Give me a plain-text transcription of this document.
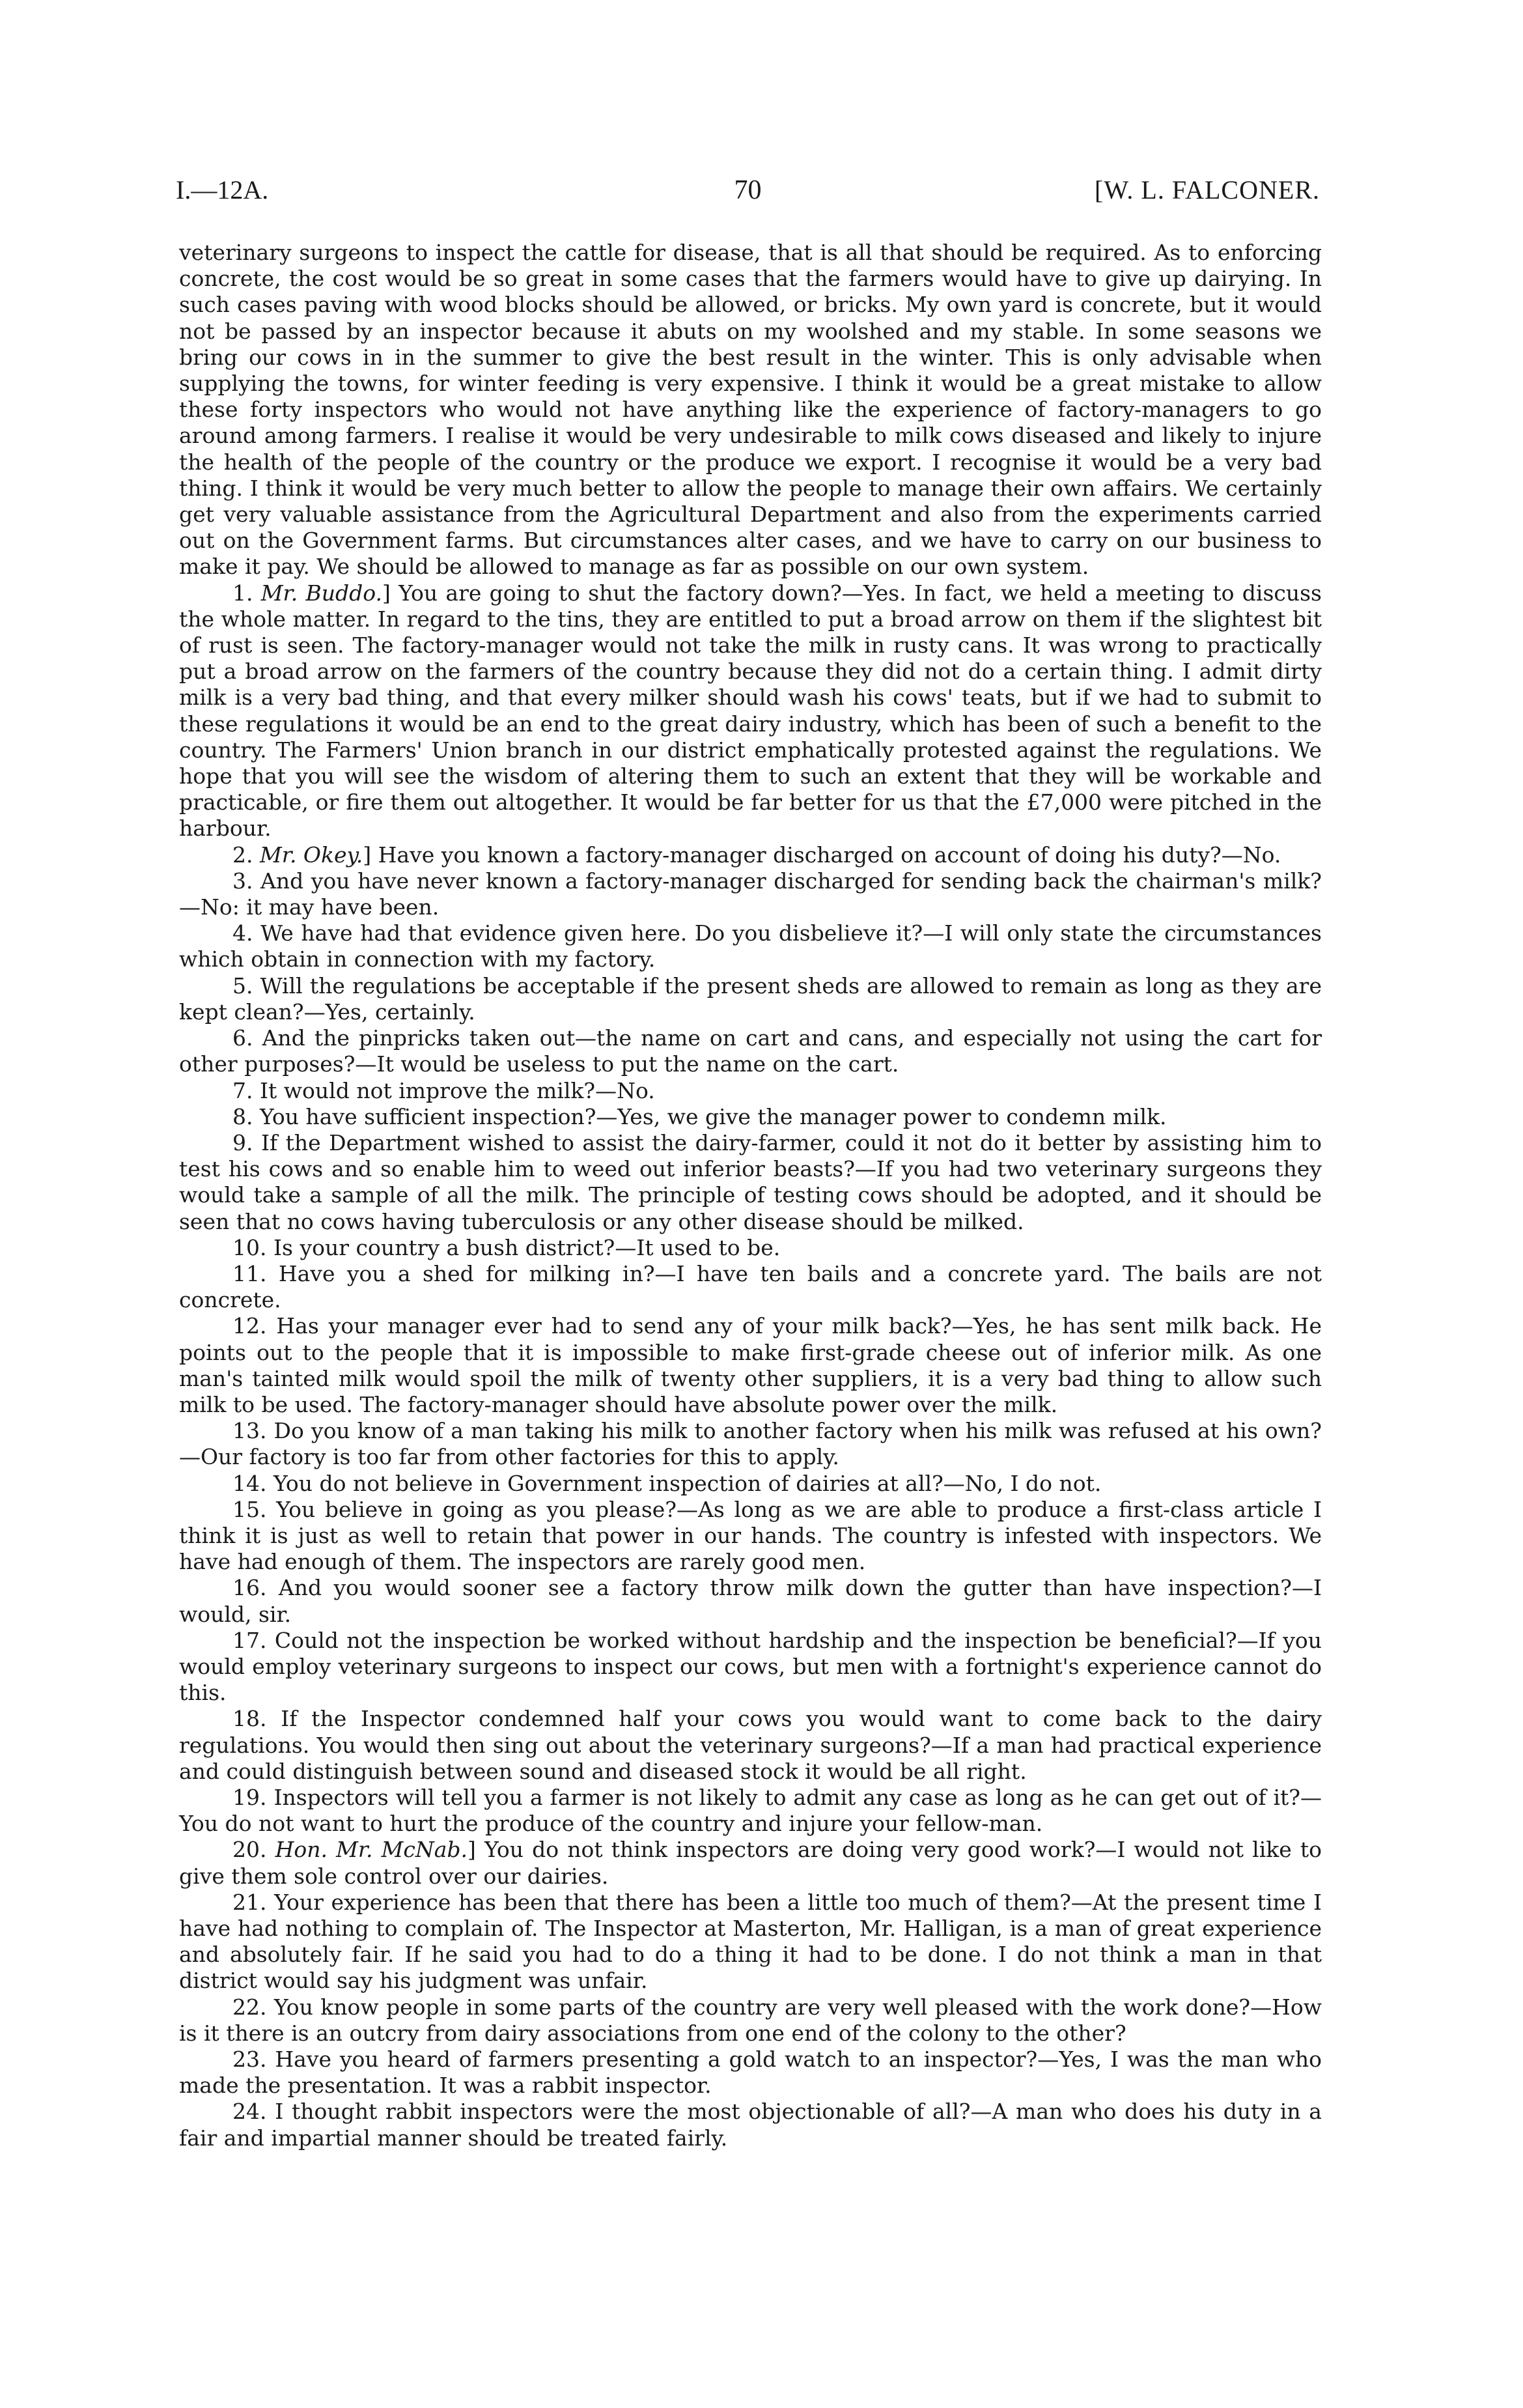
I.—12A.	70	[W. L. FALCONER.

veterinary surgeons to inspect the cattle for disease, that is all that should be required. As to enforcing concrete, the cost would be so great in some cases that the farmers would have to give up dairying. In such cases paving with wood blocks should be allowed, or bricks. My own yard is concrete, but it would not be passed by an inspector because it abuts on my woolshed and my stable. In some seasons we bring our cows in in the summer to give the best result in the winter. This is only advisable when supplying the towns, for winter feeding is very expensive. I think it would be a great mistake to allow these forty inspectors who would not have anything like the experience of factory-managers to go around among farmers. I realise it would be very undesirable to milk cows diseased and likely to injure the health of the people of the country or the produce we export. I recognise it would be a very bad thing. I think it would be very much better to allow the people to manage their own affairs. We certainly get very valuable assistance from the Agricultural Department and also from the experiments carried out on the Government farms. But circumstances alter cases, and we have to carry on our business to make it pay. We should be allowed to manage as far as possible on our own system.

1. Mr. Buddo.] You are going to shut the factory down?—Yes. In fact, we held a meeting to discuss the whole matter. In regard to the tins, they are entitled to put a broad arrow on them if the slightest bit of rust is seen. The factory-manager would not take the milk in rusty cans. It was wrong to practically put a broad arrow on the farmers of the country because they did not do a certain thing. I admit dirty milk is a very bad thing, and that every milker should wash his cows' teats, but if we had to submit to these regulations it would be an end to the great dairy industry, which has been of such a benefit to the country. The Farmers' Union branch in our district emphatically protested against the regulations. We hope that you will see the wisdom of altering them to such an extent that they will be workable and practicable, or fire them out altogether. It would be far better for us that the £7,000 were pitched in the harbour.

2. Mr. Okey.] Have you known a factory-manager discharged on account of doing his duty?—No.

3. And you have never known a factory-manager discharged for sending back the chairman's milk?—No: it may have been.

4. We have had that evidence given here. Do you disbelieve it?—I will only state the circumstances which obtain in connection with my factory.

5. Will the regulations be acceptable if the present sheds are allowed to remain as long as they are kept clean?—Yes, certainly.

6. And the pinpricks taken out—the name on cart and cans, and especially not using the cart for other purposes?—It would be useless to put the name on the cart.

7. It would not improve the milk?—No.

8. You have sufficient inspection?—Yes, we give the manager power to condemn milk.

9. If the Department wished to assist the dairy-farmer, could it not do it better by assisting him to test his cows and so enable him to weed out inferior beasts?—If you had two veterinary surgeons they would take a sample of all the milk. The principle of testing cows should be adopted, and it should be seen that no cows having tuberculosis or any other disease should be milked.

10. Is your country a bush district?—It used to be.

11. Have you a shed for milking in?—I have ten bails and a concrete yard. The bails are not concrete.

12. Has your manager ever had to send any of your milk back?—Yes, he has sent milk back. He points out to the people that it is impossible to make first-grade cheese out of inferior milk. As one man's tainted milk would spoil the milk of twenty other suppliers, it is a very bad thing to allow such milk to be used. The factory-manager should have absolute power over the milk.

13. Do you know of a man taking his milk to another factory when his milk was refused at his own?—Our factory is too far from other factories for this to apply.

14. You do not believe in Government inspection of dairies at all?—No, I do not.

15. You believe in going as you please?—As long as we are able to produce a first-class article I think it is just as well to retain that power in our hands. The country is infested with inspectors. We have had enough of them. The inspectors are rarely good men.

16. And you would sooner see a factory throw milk down the gutter than have inspection?—I would, sir.

17. Could not the inspection be worked without hardship and the inspection be beneficial?—If you would employ veterinary surgeons to inspect our cows, but men with a fortnight's experience cannot do this.

18. If the Inspector condemned half your cows you would want to come back to the dairy regulations. You would then sing out about the veterinary surgeons?—If a man had practical experience and could distinguish between sound and diseased stock it would be all right.

19. Inspectors will tell you a farmer is not likely to admit any case as long as he can get out of it?—You do not want to hurt the produce of the country and injure your fellow-man.

20. Hon. Mr. McNab.] You do not think inspectors are doing very good work?—I would not like to give them sole control over our dairies.

21. Your experience has been that there has been a little too much of them?—At the present time I have had nothing to complain of. The Inspector at Masterton, Mr. Halligan, is a man of great experience and absolutely fair. If he said you had to do a thing it had to be done. I do not think a man in that district would say his judgment was unfair.

22. You know people in some parts of the country are very well pleased with the work done?—How is it there is an outcry from dairy associations from one end of the colony to the other?

23. Have you heard of farmers presenting a gold watch to an inspector?—Yes, I was the man who made the presentation. It was a rabbit inspector.

24. I thought rabbit inspectors were the most objectionable of all?—A man who does his duty in a fair and impartial manner should be treated fairly.
